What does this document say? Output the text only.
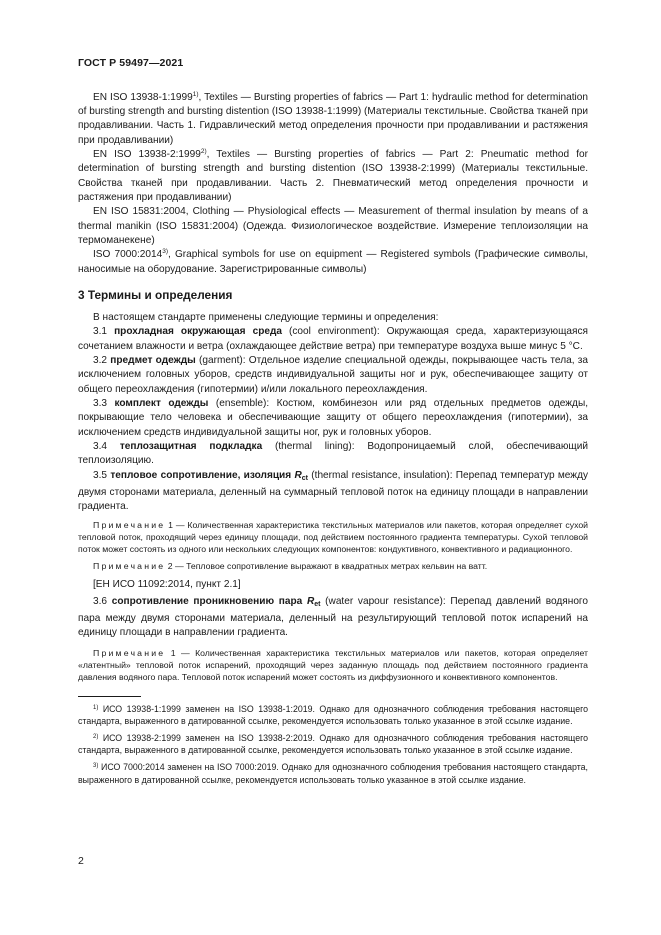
ГОСТ Р 59497—2021

EN ISO 13938-1:1999$^{1)}$, Textiles — Bursting properties of fabrics — Part 1: hydraulic method for determination of bursting strength and bursting distention (ISO 13938-1:1999) (Материалы текстильные. Свойства тканей при продавливании. Часть 1. Гидравлический метод определения прочности при продавливании и растяжения при продавливании)

EN ISO 13938-2:1999$^{2)}$, Textiles — Bursting properties of fabrics — Part 2: Pneumatic method for determination of bursting strength and bursting distention (ISO 13938-2:1999) (Материалы текстильные. Свойства тканей при продавливании. Часть 2. Пневматический метод определения прочности и растяжения при продавливании)

EN ISO 15831:2004, Clothing — Physiological effects — Measurement of thermal insulation by means of a thermal manikin (ISO 15831:2004) (Одежда. Физиологическое воздействие. Измерение теплоизоляции на термоманекене)

ISO 7000:2014$^{3)}$, Graphical symbols for use on equipment — Registered symbols (Графические символы, наносимые на оборудование. Зарегистрированные символы)

3 Термины и определения

В настоящем стандарте применены следующие термины и определения:

3.1 прохладная окружающая среда (cool environment): Окружающая среда, характеризующаяся сочетанием влажности и ветра (охлаждающее действие ветра) при температуре воздуха выше минус 5 °С.

3.2 предмет одежды (garment): Отдельное изделие специальной одежды, покрывающее часть тела, за исключением головных уборов, средств индивидуальной защиты ног и рук, обеспечивающее защиту от общего переохлаждения (гипотермии) и/или локального переохлаждения.

3.3 комплект одежды (ensemble): Костюм, комбинезон или ряд отдельных предметов одежды, покрывающие тело человека и обеспечивающие защиту от общего переохлаждения (гипотермии), за исключением средств индивидуальной защиты ног, рук и головных уборов.

3.4 теплозащитная подкладка (thermal lining): Водопроницаемый слой, обеспечивающий теплоизоляцию.

3.5 тепловое сопротивление, изоляция Rct (thermal resistance, insulation): Перепад температур между двумя сторонами материала, деленный на суммарный тепловой поток на единицу площади в направлении градиента.

Примечание 1 — Количественная характеристика текстильных материалов или пакетов, которая определяет сухой тепловой поток, проходящий через единицу площади, под действием постоянного градиента температуры. Сухой тепловой поток может состоять из одного или нескольких следующих компонентов: кондуктивного, конвективного и радиационного.

Примечание 2 — Тепловое сопротивление выражают в квадратных метрах кельвин на ватт.

[ЕН ИСО 11092:2014, пункт 2.1]

3.6 сопротивление проникновению пара Ret (water vapour resistance): Перепад давлений водяного пара между двумя сторонами материала, деленный на результирующий тепловой поток испарений на единицу площади в направлении градиента.

Примечание 1 — Количественная характеристика текстильных материалов или пакетов, которая определяет «латентный» тепловой поток испарений, проходящий через заданную площадь под действием постоянного градиента давления водяного пара. Тепловой поток испарений может состоять из диффузионного и конвективного компонентов.

$^{1)}$ ИСО 13938-1:1999 заменен на ISO 13938-1:2019. Однако для однозначного соблюдения требования настоящего стандарта, выраженного в датированной ссылке, рекомендуется использовать только указанное в этой ссылке издание.

$^{2)}$ ИСО 13938-2:1999 заменен на ISO 13938-2:2019. Однако для однозначного соблюдения требования настоящего стандарта, выраженного в датированной ссылке, рекомендуется использовать только указанное в этой ссылке издание.

$^{3)}$ ИСО 7000:2014 заменен на ISO 7000:2019. Однако для однозначного соблюдения требования настоящего стандарта, выраженного в датированной ссылке, рекомендуется использовать только указанное в этой ссылке издание.

2
